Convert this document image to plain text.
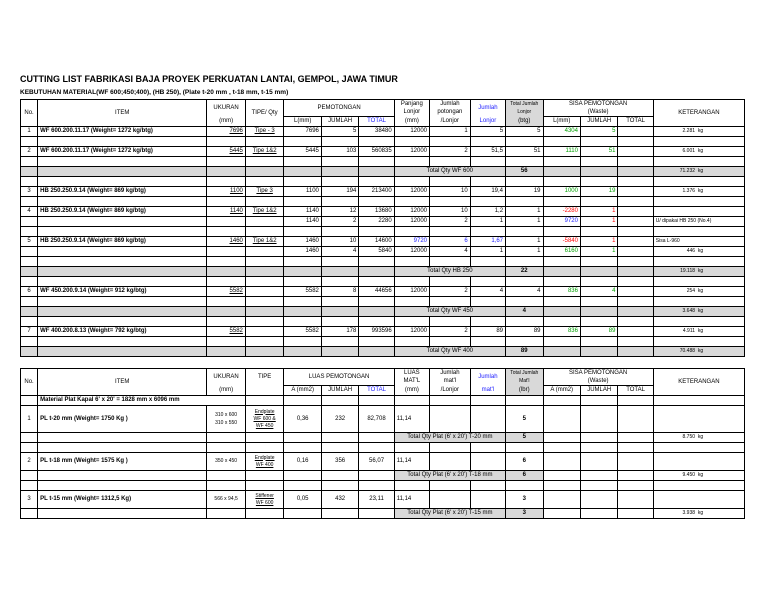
CUTTING LIST FABRIKASI BAJA PROYEK PERKUATAN LANTAI, GEMPOL, JAWA TIMUR
KEBUTUHAN MATERIAL(WF 600;450;400), (HB 250), (Plate t-20 mm , t-18 mm, t-15 mm)
No.	ITEM	UKURAN	TIPE/ Qty	PEMOTONGAN			Panjang
Lonjor	Jumlah
potongan	Jumlah	Total Jumlah
Lonjor	SISA PEMOTONGAN
(Waste)			KETERANGAN
		(mm)		L(mm)	JUMLAH	TOTAL	(mm)	/Lonjor	Lonjor	(btg)	L(mm)	JUMLAH	TOTAL	
1	WF 600.200.11.17 (Weight= 1272 kg/btg)	7696	Tipe - 3	7696	5	38480	12000	1	5	5	4304	5		2.281 kg

2	WF 600.200.11.17 (Weight= 1272 kg/btg)	5445	Tipe 1&2	5445	103	560835	12000	2	51,5	51	1110	51		6.001 kg

							Total Qty WF 600			56				71.232 kg

3	HB 250.250.9.14 (Weight= 869 kg/btg)	1100	Tipe 3	1100	194	213400	12000	10	19,4	19	1000	19		1.376 kg

4	HB 250.250.9.14 (Weight= 869 kg/btg)	1140	Tipe 1&2	1140	12	13680	12000	10	1,2	1	-2280	1		
				1140	2	2280	12000	2	1	1	9720	1		U/ dipakai HB 250 (No.4)

5	HB 250.250.9.14 (Weight= 869 kg/btg)	1460	Tipe 1&2	1460	10	14600	9720	6	1,67	1	-5840	1		Sisa L-960
				1460	4	5840	12000	4	1	1	6160	1		446 kg

							Total Qty HB 250			22				19.118 kg

6	WF 450.200.9.14 (Weight= 912 kg/btg)	5582		5582	8	44656	12000	2	4	4	836	4		254 kg

							Total Qty WF 450			4				3.648 kg

7	WF 400.200.8.13 (Weight= 792 kg/btg)	5582		5582	178	993596	12000	2	89	89	836	89		4.911 kg

							Total Qty WF 400			89				70.488 kg
No.	ITEM	UKURAN	TIPE	LUAS PEMOTONGAN			LUAS
MAT'L	Jumlah
mat'l	Jumlah	Total Jumlah
Mat'l	SISA PEMOTONGAN
(Waste)			KETERANGAN
		(mm)		A (mm2)	JUMLAH	TOTAL	(mm)	/Lonjor	mat'l	(lbr)	A (mm2)	JUMLAH	TOTAL	
	Material Plat Kapal 6' x 20' = 1828 mm x 6096 mm													
1	PL t-20 mm (Weight= 1750 Kg )	310 x 600
310 x 550	Endplate
WF 600 &
WF 450	0,36	232	82,708	11,14			5				
							Total Qty Plat (6' x 20') T-20 mm			5				8.750 kg

2	PL t-18 mm (Weight= 1575 Kg )	350 x 450	Endplate
WF 400	0,16	356	56,07	11,14			6				
							Total Qty Plat (6' x 20') T-18 mm			6				9.450 kg

3	PL t-15 mm (Weight= 1312,5 Kg)	566 x 94,5	Stiffener
WF 600	0,05	432	23,11	11,14			3				
							Total Qty Plat (6' x 20') T-15 mm			3				3.938 kg
